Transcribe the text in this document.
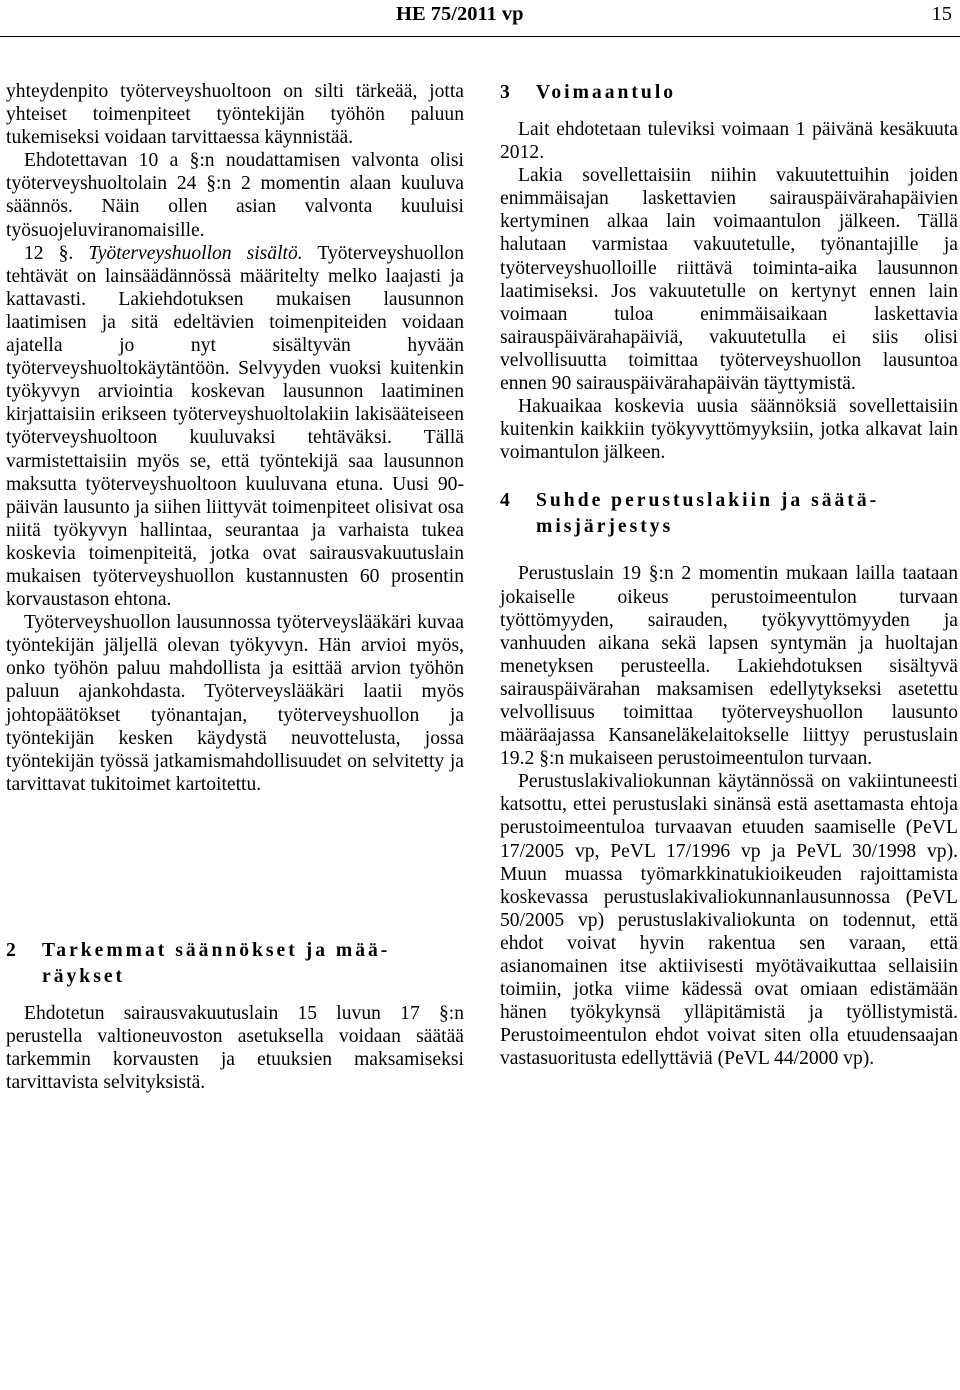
HE 75/2011 vp	15

yhteydenpito työterveyshuoltoon on silti tärkeää, jotta yhteiset toimenpiteet työntekijän työhön paluun tukemiseksi voidaan tarvittaessa käynnistää.

Ehdotettavan 10 a §:n noudattamisen valvonta olisi työterveyshuoltolain 24 §:n 2 momentin alaan kuuluva säännös. Näin ollen asian valvonta kuuluisi työsuojeluviranomaisille.

12 §. Työterveyshuollon sisältö. Työterveyshuollon tehtävät on lainsäädännössä määritelty melko laajasti ja kattavasti. Lakiehdotuksen mukaisen lausunnon laatimisen ja sitä edeltävien toimenpiteiden voidaan ajatella jo nyt sisältyvän hyvään työterveyshuoltokäytäntöön. Selvyyden vuoksi kuitenkin työkyvyn arviointia koskevan lausunnon laatiminen kirjattaisiin erikseen työterveyshuoltolakiin lakisääteiseen työterveyshuoltoon kuuluvaksi tehtäväksi. Tällä varmistettaisiin myös se, että työntekijä saa lausunnon maksutta työterveyshuoltoon kuuluvana etuna. Uusi 90-päivän lausunto ja siihen liittyvät toimenpiteet olisivat osa niitä työkyvyn hallintaa, seurantaa ja varhaista tukea koskevia toimenpiteitä, jotka ovat sairausvakuutuslain mukaisen työterveyshuollon kustannusten 60 prosentin korvaustason ehtona.

Työterveyshuollon lausunnossa työterveyslääkäri kuvaa työntekijän jäljellä olevan työkyvyn. Hän arvioi myös, onko työhön paluu mahdollista ja esittää arvion työhön paluun ajankohdasta. Työterveyslääkäri laatii myös johtopäätökset työnantajan, työterveyshuollon ja työntekijän kesken käydystä neuvottelusta, jossa työntekijän työssä jatkamismahdollisuudet on selvitetty ja tarvittavat tukitoimet kartoitettu.

2 Tarkemmat säännökset ja mää-
räykset

Ehdotetun sairausvakuutuslain 15 luvun 17 §:n perustella valtioneuvoston asetuksella voidaan säätää tarkemmin korvausten ja etuuksien maksamiseksi tarvittavista selvityksistä.

3 Voimaantulo

Lait ehdotetaan tuleviksi voimaan 1 päivänä kesäkuuta 2012.

Lakia sovellettaisiin niihin vakuutettuihin joiden enimmäisajan laskettavien sairauspäivärahapäivien kertyminen alkaa lain voimaantulon jälkeen. Tällä halutaan varmistaa vakuutetulle, työnantajille ja työterveyshuolloille riittävä toiminta-aika lausunnon laatimiseksi. Jos vakuutetulle on kertynyt ennen lain voimaan tuloa enimmäisaikaan laskettavia sairauspäivärahapäiviä, vakuutetulla ei siis olisi velvollisuutta toimittaa työterveyshuollon lausuntoa ennen 90 sairauspäivärahapäivän täyttymistä.

Hakuaikaa koskevia uusia säännöksiä sovellettaisiin kuitenkin kaikkiin työkyvyttömyyksiin, jotka alkavat lain voimantulon jälkeen.

4 Suhde perustuslakiin ja säätä-
misjärjestys

Perustuslain 19 §:n 2 momentin mukaan lailla taataan jokaiselle oikeus perustoimeentulon turvaan työttömyyden, sairauden, työkyvyttömyyden ja vanhuuden aikana sekä lapsen syntymän ja huoltajan menetyksen perusteella. Lakiehdotuksen sisältyvä sairauspäivärahan maksamisen edellytykseksi asetettu velvollisuus toimittaa työterveyshuollon lausunto määräajassa Kansaneläkelaitokselle liittyy perustuslain 19.2 §:n mukaiseen perustoimeentulon turvaan.

Perustuslakivaliokunnan käytännössä on vakiintuneesti katsottu, ettei perustuslaki sinänsä estä asettamasta ehtoja perustoimeentuloa turvaavan etuuden saamiselle (PeVL 17/2005 vp, PeVL 17/1996 vp ja PeVL 30/1998 vp). Muun muassa työmarkkinatukioikeuden rajoittamista koskevassa perustuslakivaliokunnanlausunnossa (PeVL 50/2005 vp) perustuslakivaliokunta on todennut, että ehdot voivat hyvin rakentua sen varaan, että asianomainen itse aktiivisesti myötävaikuttaa sellaisiin toimiin, jotka viime kädessä ovat omiaan edistämään hänen työkykynsä ylläpitämistä ja työllistymistä. Perustoimeentulon ehdot voivat siten olla etuudensaajan vastasuoritusta edellyttäviä (PeVL 44/2000 vp).
